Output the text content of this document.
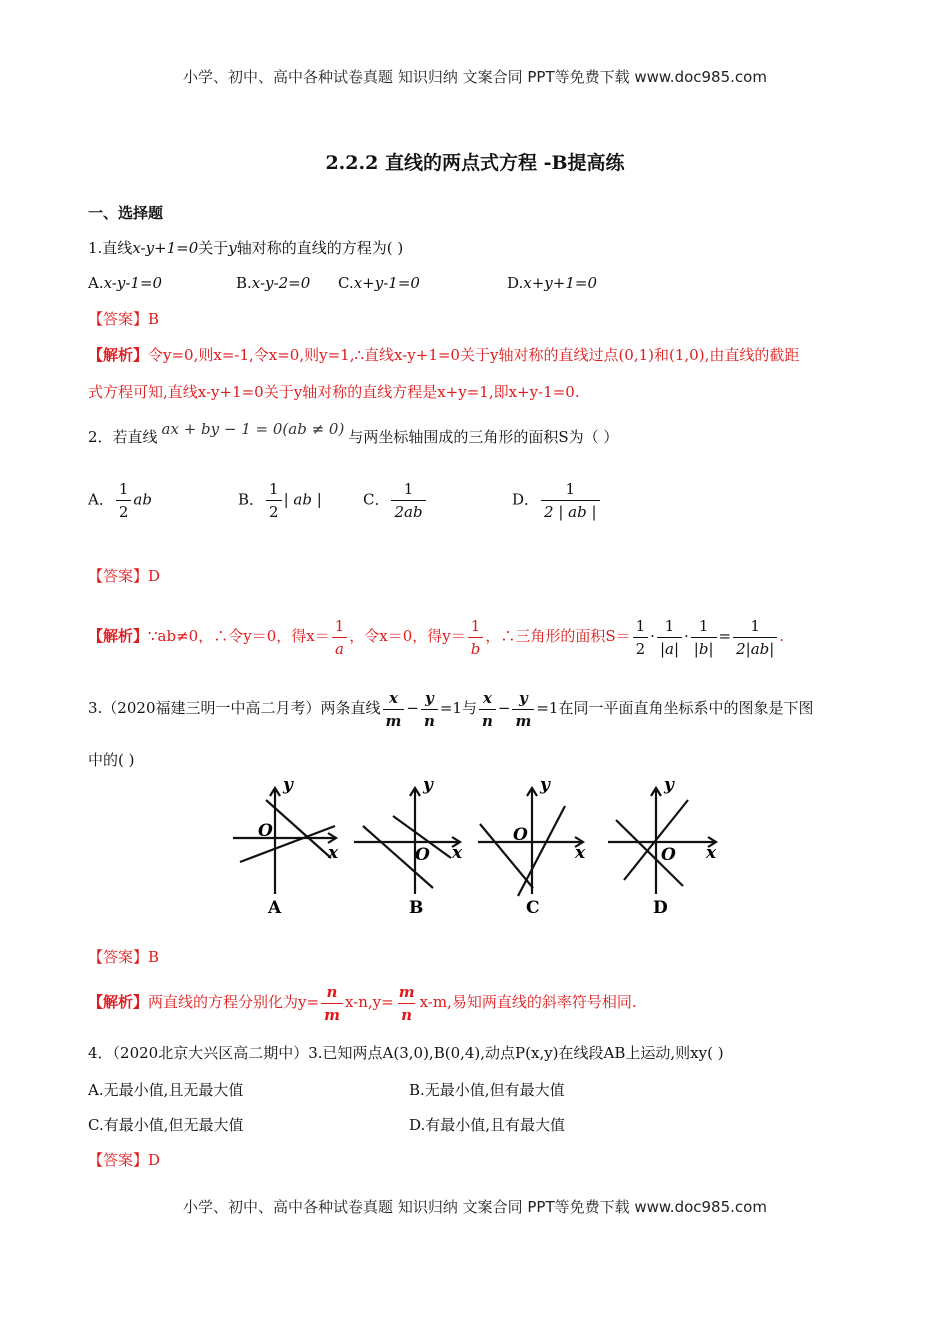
小学、初中、高中各种试卷真题 知识归纳 文案合同 PPT等免费下载 www.doc985.com
2.2.2 直线的两点式方程 -B提高练
一、选择题
1.直线x-y+1=0关于y轴对称的直线的方程为( )
A.x-y-1=0	B.x-y-2=0 C.x+y-1=0	D.x+y+1=0
【答案】B
【解析】令y=0,则x=-1,令x=0,则y=1,∴直线x-y+1=0关于y轴对称的直线过点(0,1)和(1,0),由直线的截距
式方程可知,直线x-y+1=0关于y轴对称的直线方程是x+y=1,即x+y-1=0.
2．若直线 ax + by − 1 = 0(ab ≠ 0) 与两坐标轴围成的三角形的面积S为（ ）
A． $\frac{1}{2}$ ab	B． $\frac{1}{2}$ | ab |	C． $\frac{1}{2ab}$	D． $\frac{1}{2 | ab |}$
【答案】D
【解析】∵ab≠0，∴令y＝0，得$x= \frac{1}{a}$ ，令x＝0，得$y= \frac{1}{b}$ ，∴三角形的面积$S= \frac{1}{2} \cdot \frac{1}{|a|} \cdot \frac{1}{|b|} = \frac{1}{2|ab|}$ .
3.（2020福建三明一中高二月考）两条直线 $\frac{x}{m} - \frac{y}{n} =1$与 $\frac{x}{n} - \frac{y}{m} =1$在同一平面直角坐标系中的图象是下图
中的( )
y
O
x
A
y
O x
B
y
O
x
C
y
O x
D
【答案】B
【解析】两直线的方程分别化为$y= \frac{n}{m} x-n,y= \frac{m}{n} x-m$,易知两直线的斜率符号相同.
4．（2020北京大兴区高二期中）3.已知两点A(3,0),B(0,4),动点P(x,y)在线段AB上运动,则xy( )
A.无最小值,且无最大值	B.无最小值,但有最大值
C.有最小值,但无最大值	D.有最小值,且有最大值
【答案】D
小学、初中、高中各种试卷真题 知识归纳 文案合同 PPT等免费下载 www.doc985.com
